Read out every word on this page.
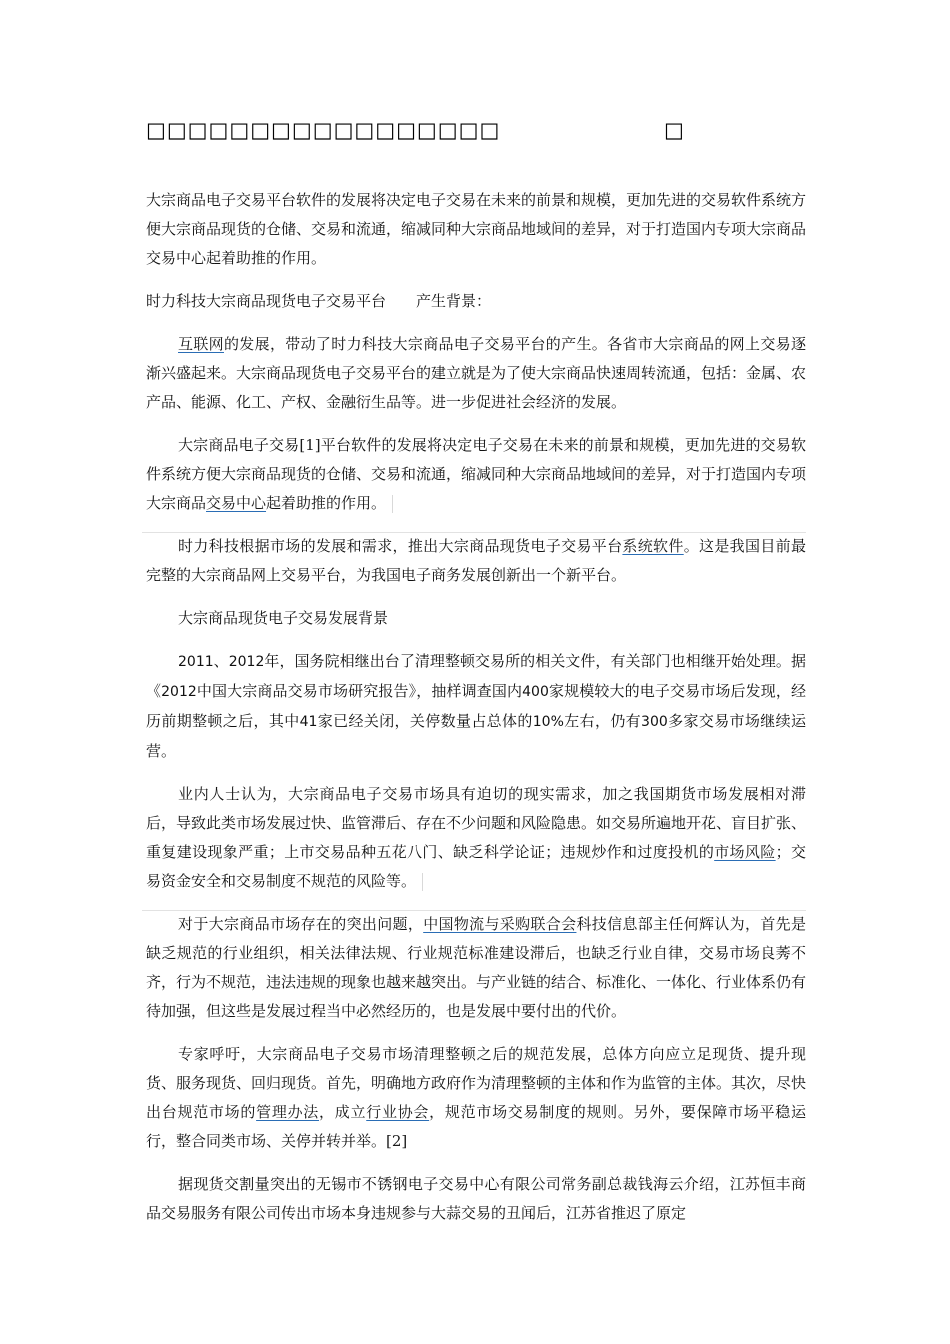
□□□□□□□□□□□□□□□□□	□

大宗商品电子交易平台软件的发展将决定电子交易在未来的前景和规模，更加先进的交易软件系统方便大宗商品现货的仓储、交易和流通，缩减同种大宗商品地域间的差异，对于打造国内专项大宗商品交易中心起着助推的作用。

时力科技大宗商品现货电子交易平台　　产生背景：

互联网的发展，带动了时力科技大宗商品电子交易平台的产生。各省市大宗商品的网上交易逐渐兴盛起来。大宗商品现货电子交易平台的建立就是为了使大宗商品快速周转流通，包括：金属、农产品、能源、化工、产权、金融衍生品等。进一步促进社会经济的发展。

大宗商品电子交易[1]平台软件的发展将决定电子交易在未来的前景和规模，更加先进的交易软件系统方便大宗商品现货的仓储、交易和流通，缩减同种大宗商品地域间的差异，对于打造国内专项大宗商品交易中心起着助推的作用。

时力科技根据市场的发展和需求，推出大宗商品现货电子交易平台系统软件。这是我国目前最完整的大宗商品网上交易平台，为我国电子商务发展创新出一个新平台。

大宗商品现货电子交易发展背景

2011、2012年，国务院相继出台了清理整顿交易所的相关文件，有关部门也相继开始处理。据《2012中国大宗商品交易市场研究报告》，抽样调查国内400家规模较大的电子交易市场后发现，经历前期整顿之后，其中41家已经关闭，关停数量占总体的10%左右，仍有300多家交易市场继续运营。

业内人士认为，大宗商品电子交易市场具有迫切的现实需求，加之我国期货市场发展相对滞后，导致此类市场发展过快、监管滞后、存在不少问题和风险隐患。如交易所遍地开花、盲目扩张、重复建设现象严重；上市交易品种五花八门、缺乏科学论证；违规炒作和过度投机的市场风险；交易资金安全和交易制度不规范的风险等。

对于大宗商品市场存在的突出问题，中国物流与采购联合会科技信息部主任何辉认为，首先是缺乏规范的行业组织，相关法律法规、行业规范标准建设滞后，也缺乏行业自律，交易市场良莠不齐，行为不规范，违法违规的现象也越来越突出。与产业链的结合、标准化、一体化、行业体系仍有待加强，但这些是发展过程当中必然经历的，也是发展中要付出的代价。

专家呼吁，大宗商品电子交易市场清理整顿之后的规范发展，总体方向应立足现货、提升现货、服务现货、回归现货。首先，明确地方政府作为清理整顿的主体和作为监管的主体。其次，尽快出台规范市场的管理办法，成立行业协会，规范市场交易制度的规则。另外，要保障市场平稳运行，整合同类市场、关停并转并举。[2]

据现货交割量突出的无锡市不锈钢电子交易中心有限公司常务副总裁钱海云介绍，江苏恒丰商品交易服务有限公司传出市场本身违规参与大蒜交易的丑闻后，江苏省推迟了原定
